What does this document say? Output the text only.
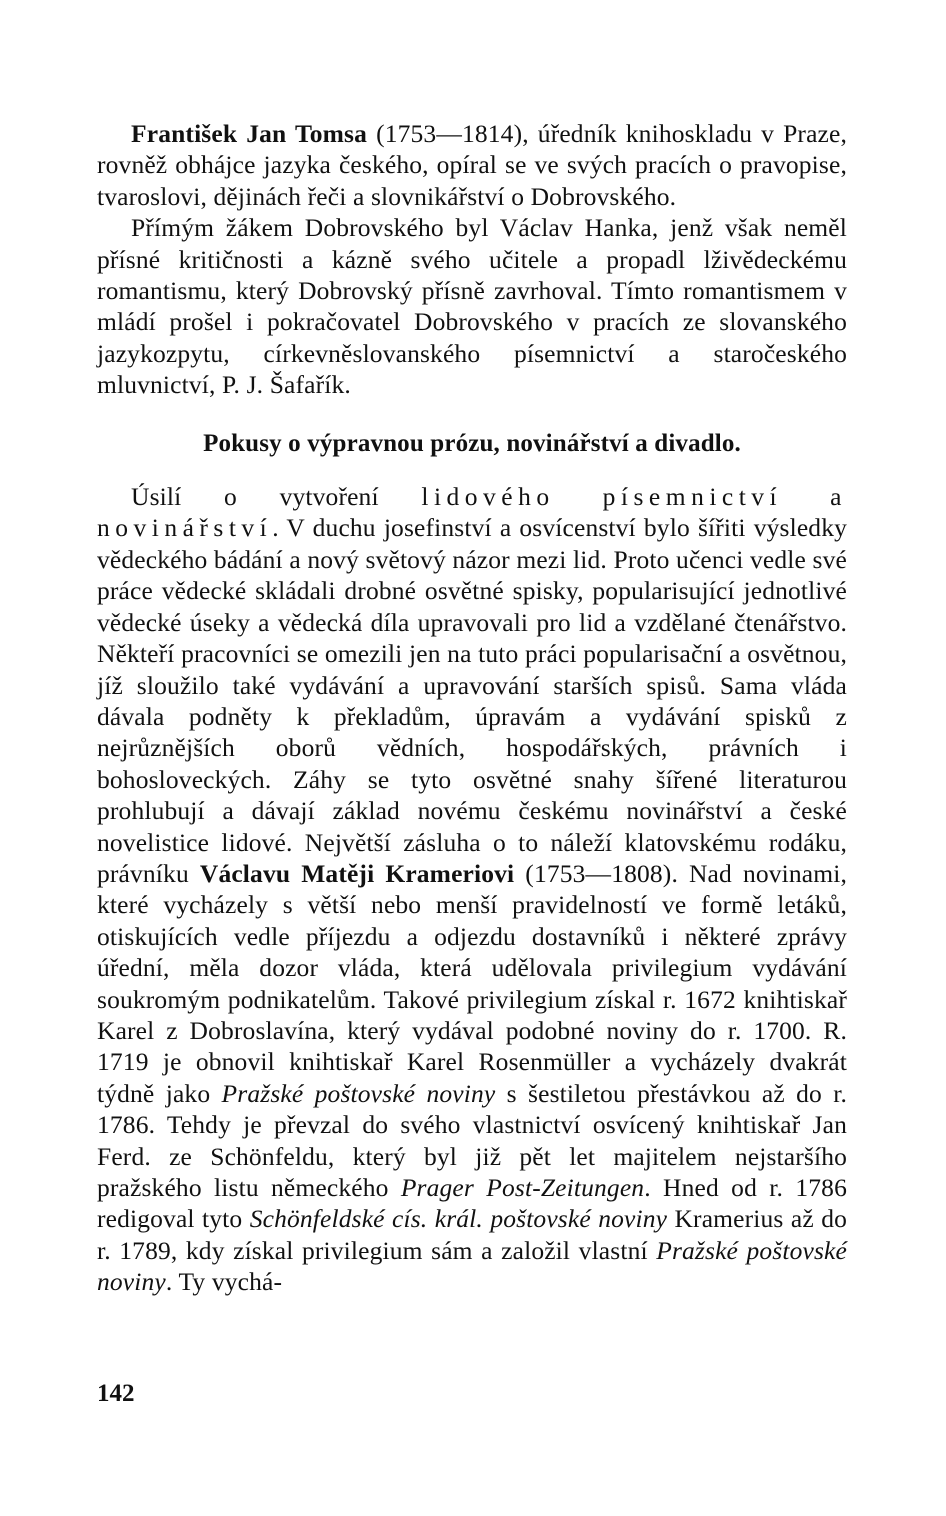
František Jan Tomsa (1753—1814), úředník knihoskladu v Praze, rovněž obhájce jazyka českého, opíral se ve svých pracích o pravopise, tvaroslovi, dějinách řeči a slovnikářství o Dobrovského.

Přímým žákem Dobrovského byl Václav Hanka, jenž však neměl přísné kritičnosti a kázně svého učitele a propadl lživědeckému romantismu, který Dobrovský přísně zavrhoval. Tímto romantismem v mládí prošel i pokračovatel Dobrovského v pracích ze slovanského jazykozpytu, církevněslovanského písemnictví a staročeského mluvnictví, P. J. Šafařík.

Pokusy o výpravnou prózu, novinářství a divadlo.

Úsilí o vytvoření lidového písemnictví a novinářství. V duchu josefinství a osvícenství bylo šířiti výsledky vědeckého bádání a nový světový názor mezi lid. Proto učenci vedle své práce vědecké skládali drobné osvětné spisky, popularisující jednotlivé vědecké úseky a vědecká díla upravovali pro lid a vzdělané čtenářstvo. Někteří pracovníci se omezili jen na tuto práci popularisační a osvětnou, jíž sloužilo také vydávání a upravování starších spisů. Sama vláda dávala podněty k překladům, úpravám a vydávání spisků z nejrůznějších oborů vědních, hospodářských, právních i bohosloveckých. Záhy se tyto osvětné snahy šířené literaturou prohlubují a dávají základ novému českému novinářství a české novelistice lidové. Největší zásluha o to náleží klatovskému rodáku, právníku Václavu Matěji Krameriovi (1753—1808). Nad novinami, které vycházely s větší nebo menší pravidelností ve formě letáků, otiskujících vedle příjezdu a odjezdu dostavníků i některé zprávy úřední, měla dozor vláda, která udělovala privilegium vydávání soukromým podnikatelům. Takové privilegium získal r. 1672 knihtiskař Karel z Dobroslavína, který vydával podobné noviny do r. 1700. R. 1719 je obnovil knihtiskař Karel Rosenmüller a vycházely dvakrát týdně jako Pražské poštovské noviny s šestiletou přestávkou až do r. 1786. Tehdy je převzal do svého vlastnictví osvícený knihtiskař Jan Ferd. ze Schönfeldu, který byl již pět let majitelem nejstaršího pražského listu německého Prager Post-Zeitungen. Hned od r. 1786 redigoval tyto Schönfeldské cís. král. poštovské noviny Kramerius až do r. 1789, kdy získal privilegium sám a založil vlastní Pražské poštovské noviny. Ty vychá-

142
